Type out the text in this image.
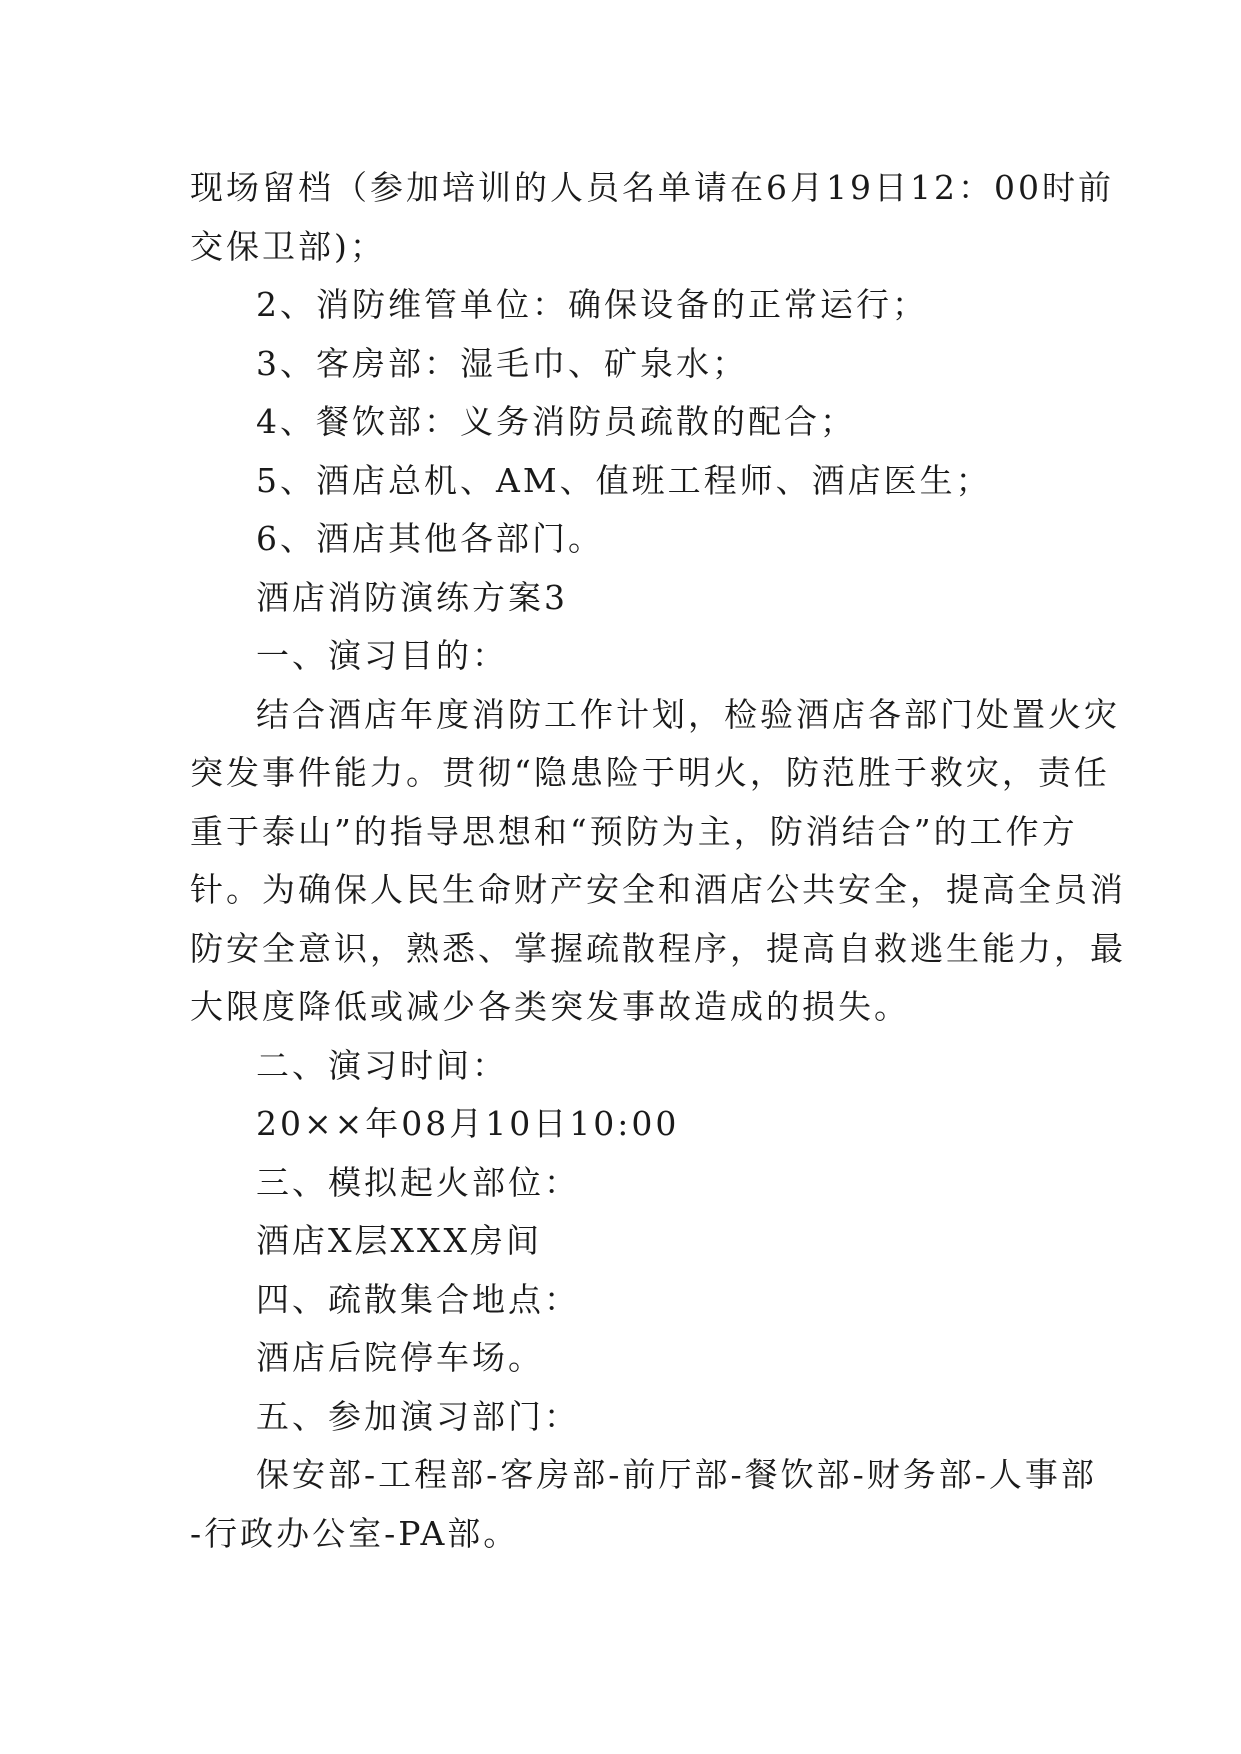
现场留档（参加培训的人员名单请在6月19日12：00时前

交保卫部)；

2、消防维管单位：确保设备的正常运行；

3、客房部：湿毛巾、矿泉水；

4、餐饮部：义务消防员疏散的配合；

5、酒店总机、AM、值班工程师、酒店医生；

6、酒店其他各部门。

酒店消防演练方案3

一、演习目的：

结合酒店年度消防工作计划，检验酒店各部门处置火灾

突发事件能力。贯彻“隐患险于明火，防范胜于救灾，责任

重于泰山”的指导思想和“预防为主，防消结合”的工作方

针。为确保人民生命财产安全和酒店公共安全，提高全员消

防安全意识，熟悉、掌握疏散程序，提高自救逃生能力，最

大限度降低或减少各类突发事故造成的损失。

二、演习时间：

20××年08月10日10:00

三、模拟起火部位：

酒店X层XXX房间

四、疏散集合地点：

酒店后院停车场。

五、参加演习部门：

保安部-工程部-客房部-前厅部-餐饮部-财务部-人事部

-行政办公室-PA部。
